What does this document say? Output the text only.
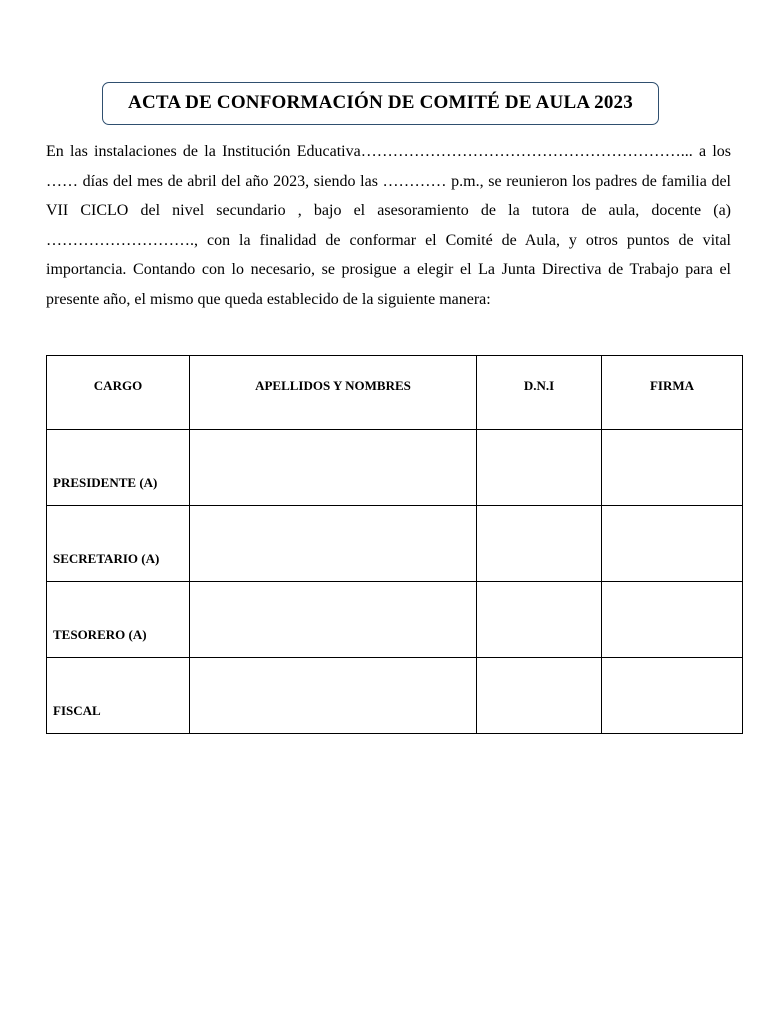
ACTA DE CONFORMACIÓN DE COMITÉ DE AULA 2023

En las instalaciones de la Institución Educativa……………………………………………………... a los …… días del mes de abril del año 2023, siendo las ………… p.m., se reunieron los padres de familia del VII CICLO del nivel secundario , bajo el asesoramiento de la tutora de aula, docente (a) ………………………., con la finalidad de conformar el Comité de Aula, y otros puntos de vital importancia. Contando con lo necesario, se prosigue a elegir el La Junta Directiva de Trabajo para el presente año, el mismo que queda establecido de la siguiente manera:

CARGO	APELLIDOS Y NOMBRES	D.N.I	FIRMA
PRESIDENTE (A)			
SECRETARIO (A)			
TESORERO (A)			
FISCAL			
